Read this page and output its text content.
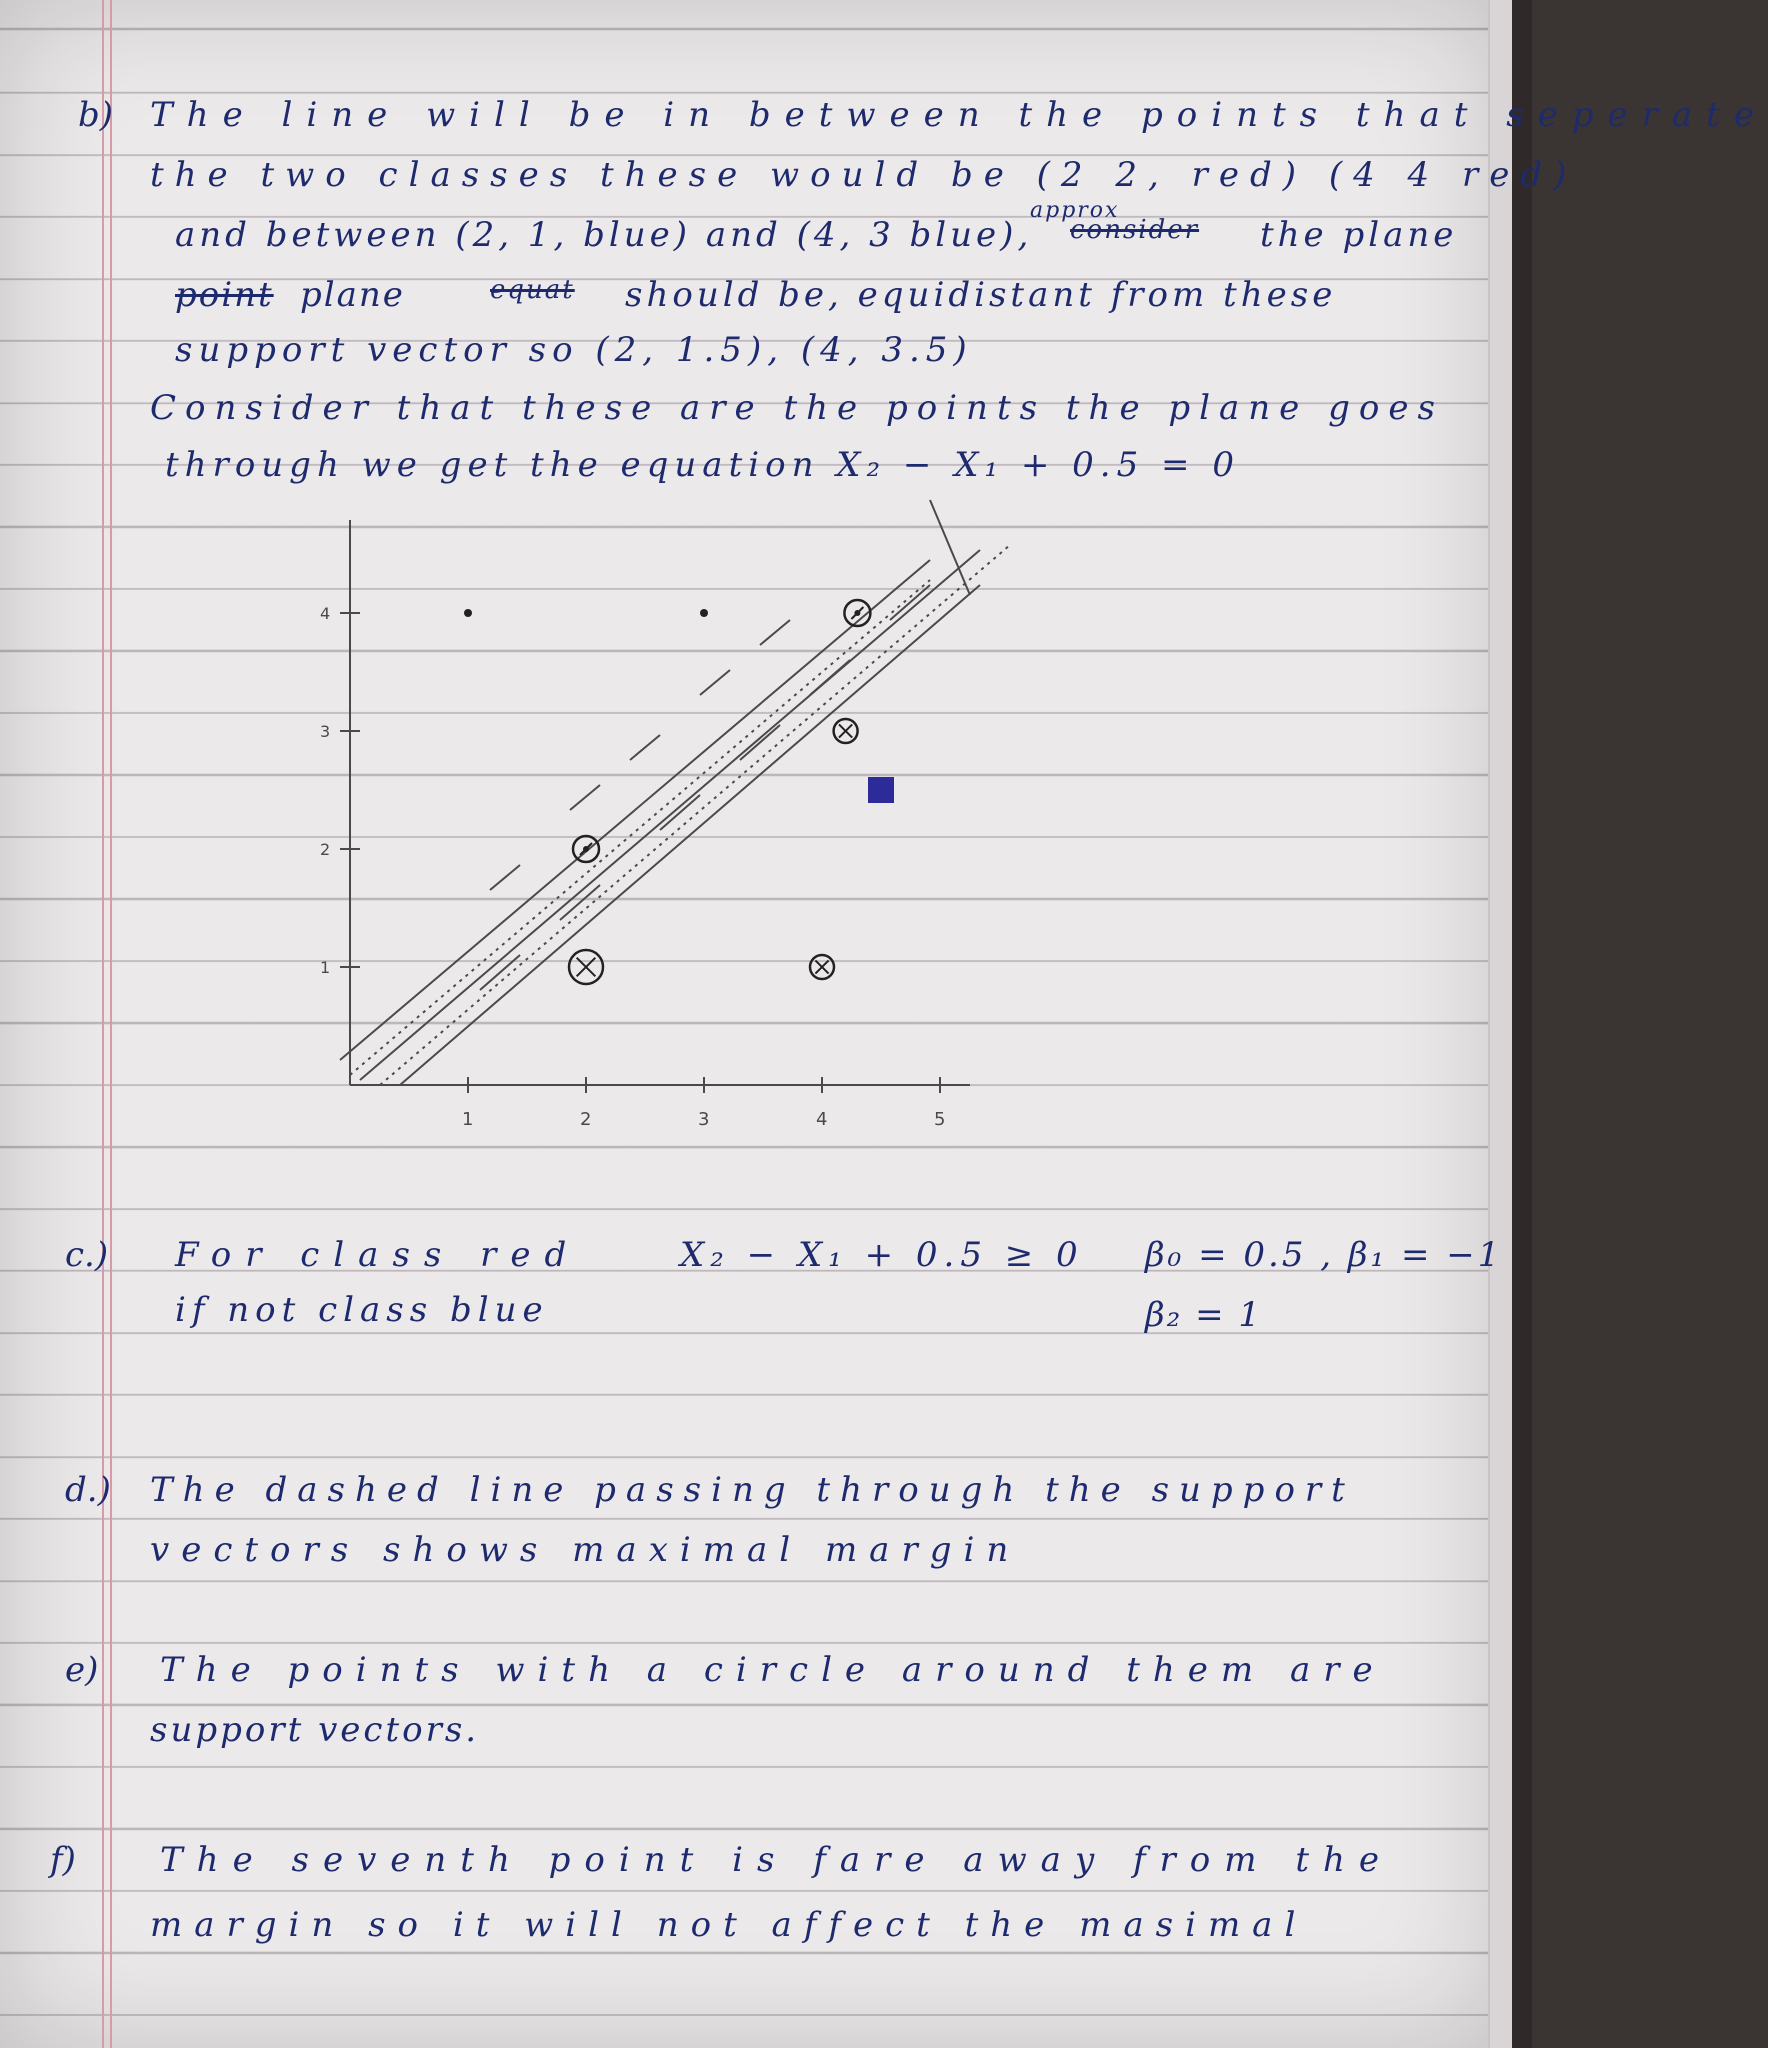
b) The line will be in between the points that seperate
the two classes these would be (2 2, red) (4 4 red)
approx
and between (2, 1, blue) and (4, 3 blue), consider the plane
point plane	equat should be, equidistant from these
support vector so (2, 1.5), (4, 3.5)
Consider that these are the points the plane goes
through we get the equation X₂ − X₁ + 0.5 = 0
4
3
2
1
1	2	3	4	5
c.) For class red	X₂ − X₁ + 0.5 ≥ 0 β₀ = 0.5 , β₁ = −1
if not class blue	β₂ = 1
d.) The dashed line passing through the support
vectors shows maximal margin
e) The points with a circle around them are
support vectors.
f) The seventh point is fare away from the
margin so it will not affect the masimal
